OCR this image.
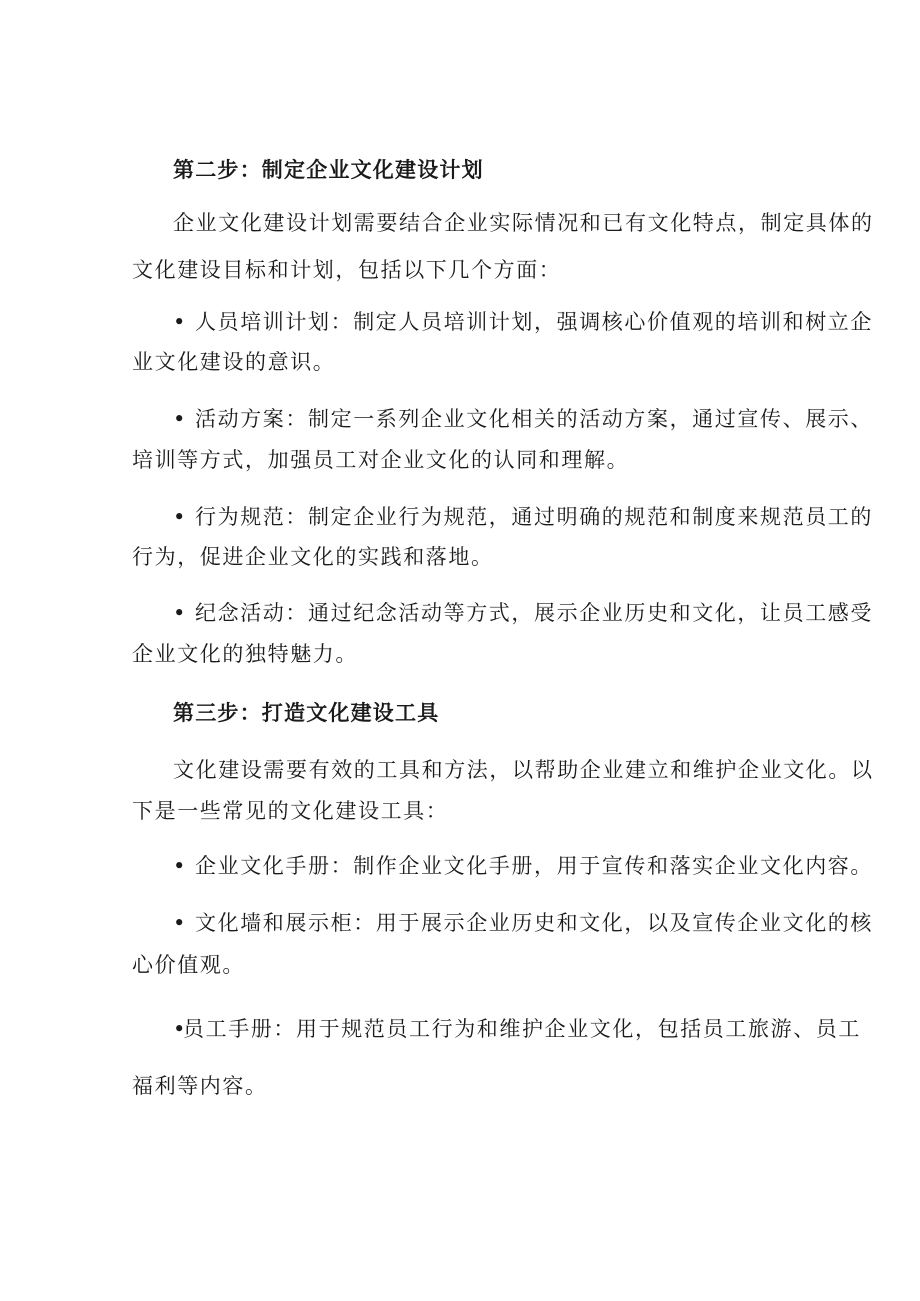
第二步：制定企业文化建设计划
企业文化建设计划需要结合企业实际情况和已有文化特点，制定具体的
文化建设目标和计划，包括以下几个方面：
• 人员培训计划：制定人员培训计划，强调核心价值观的培训和树立企
业文化建设的意识。
• 活动方案：制定一系列企业文化相关的活动方案，通过宣传、展示、
培训等方式，加强员工对企业文化的认同和理解。
• 行为规范：制定企业行为规范，通过明确的规范和制度来规范员工的
行为，促进企业文化的实践和落地。
• 纪念活动：通过纪念活动等方式，展示企业历史和文化，让员工感受
企业文化的独特魅力。
第三步：打造文化建设工具
文化建设需要有效的工具和方法，以帮助企业建立和维护企业文化。以
下是一些常见的文化建设工具：
• 企业文化手册：制作企业文化手册，用于宣传和落实企业文化内容。
• 文化墙和展示柜：用于展示企业历史和文化，以及宣传企业文化的核
心价值观。
•员工手册：用于规范员工行为和维护企业文化，包括员工旅游、员工
福利等内容。
